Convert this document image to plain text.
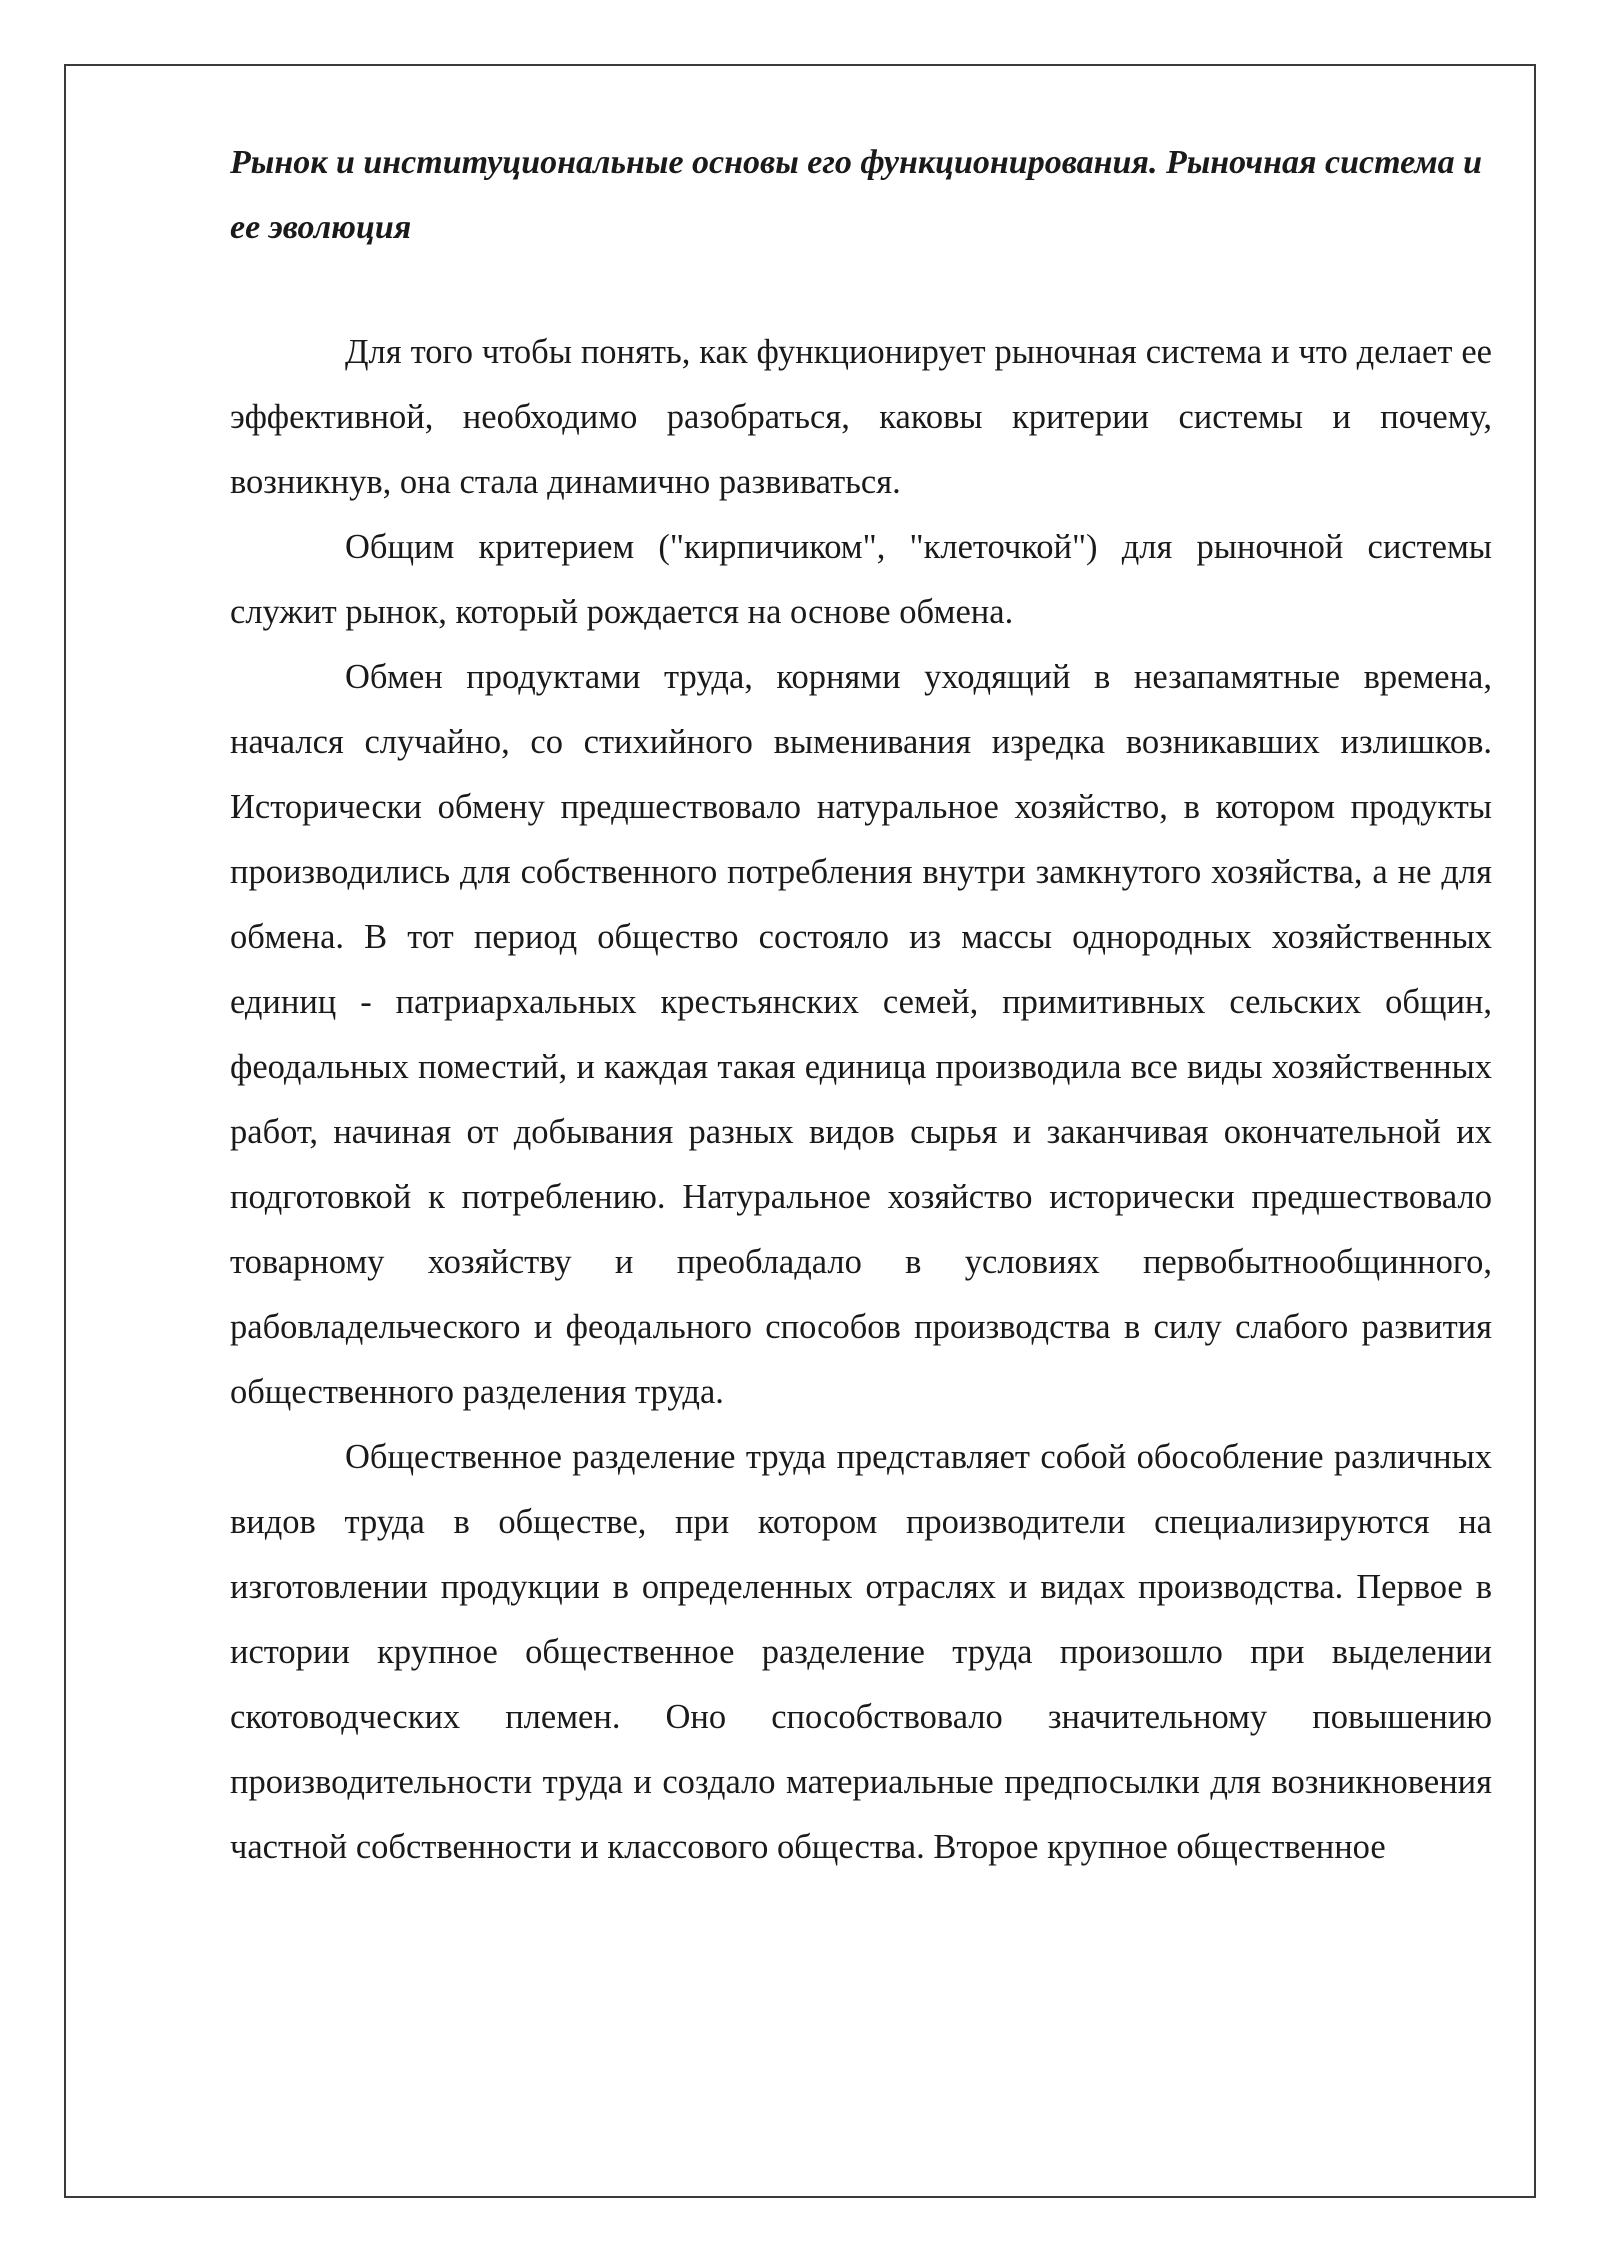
Рынок и институциональные основы его функционирования. Рыночная система и ее эволюция

Для того чтобы понять, как функционирует рыночная система и что делает ее эффективной, необходимо разобраться, каковы критерии системы и почему, возникнув, она стала динамично развиваться.

Общим критерием ("кирпичиком", "клеточкой") для рыночной системы служит рынок, который рождается на основе обмена.

Обмен продуктами труда, корнями уходящий в незапамятные времена, начался случайно, со стихийного выменивания изредка возникавших излишков. Исторически обмену предшествовало натуральное хозяйство, в котором продукты производились для собственного потребления внутри замкнутого хозяйства, а не для обмена. В тот период общество состояло из массы однородных хозяйственных единиц - патриархальных крестьянских семей, примитивных сельских общин, феодальных поместий, и каждая такая единица производила все виды хозяйственных работ, начиная от добывания разных видов сырья и заканчивая окончательной их подготовкой к потреблению. Натуральное хозяйство исторически предшествовало товарному хозяйству и преобладало в условиях первобытнообщинного, рабовладельческого и феодального способов производства в силу слабого развития общественного разделения труда.

Общественное разделение труда представляет собой обособление различных видов труда в обществе, при котором производители специализируются на изготовлении продукции в определенных отраслях и видах производства. Первое в истории крупное общественное разделение труда произошло при выделении скотоводческих племен. Оно способствовало значительному повышению производительности труда и создало материальные предпосылки для возникновения частной собственности и классового общества. Второе крупное общественное
